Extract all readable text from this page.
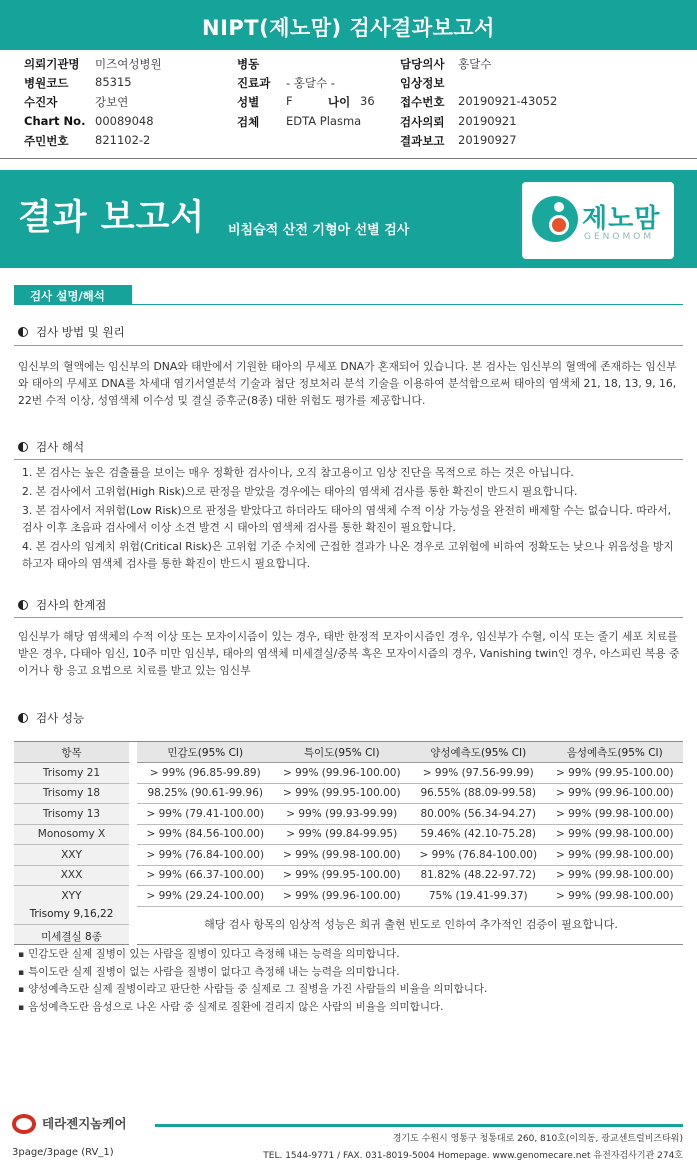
NIPT(제노맘) 검사결과보고서
의뢰기관명 미즈여성병원	병동	담당의사 홍달수
병원코드 85315	진료과 - 홍달수 -	임상정보
수진자	강보연	성별 F	나이 36 접수번호 20190921-43052
Chart No. 00089048	검체 EDTA Plasma	검사의뢰 20190921
주민번호 821102-2	결과보고 20190927
결과 보고서 비침습적 산전 기형아 선별 검사	제노맘
GENOMOM
검사 설명/해석
검사 방법 및 원리
임신부의 혈액에는 임신부의 DNA와 태반에서 기원한 태아의 무세포 DNA가 혼재되어 있습니다. 본 검사는 임신부의 혈액에 존재하는 임신부와 태아의 무세포 DNA를 차세대 염기서열분석 기술과 첨단 정보처리 분석 기술을 이용하여 분석함으로써 태아의 염색체 21, 18, 13, 9, 16, 22번 수적 이상, 성염색체 이수성 및 결실 증후군(8종) 대한 위험도 평가를 제공합니다.
검사 해석
1. 본 검사는 높은 검출률을 보이는 매우 정확한 검사이나, 오직 참고용이고 임상 진단을 목적으로 하는 것은 아닙니다.
2. 본 검사에서 고위험(High Risk)으로 판정을 받았을 경우에는 태아의 염색체 검사를 통한 확진이 반드시 필요합니다.
3. 본 검사에서 저위험(Low Risk)으로 판정을 받았다고 하더라도 태아의 염색체 수적 이상 가능성을 완전히 배제할 수는 없습니다. 따라서, 검사 이후 초음파 검사에서 이상 소견 발견 시 태아의 염색체 검사를 통한 확진이 필요합니다.
4. 본 검사의 임계치 위험(Critical Risk)은 고위험 기준 수치에 근접한 결과가 나온 경우로 고위험에 비하여 정확도는 낮으나 위음성을 방지하고자 태아의 염색체 검사를 통한 확진이 반드시 필요합니다.
검사의 한계점
임신부가 해당 염색체의 수적 이상 또는 모자이시즘이 있는 경우, 태반 한정적 모자이시즘인 경우, 임신부가 수혈, 이식 또는 줄기 세포 치료를 받은 경우, 다태아 임신, 10주 미만 임신부, 태아의 염색체 미세결실/중복 혹은 모자이시즘의 경우, Vanishing twin인 경우, 아스피린 복용 중이거나 항 응고 요법으로 치료를 받고 있는 임신부
검사 성능
항목		민감도(95% CI)	특이도(95% CI)	양성예측도(95% CI)	음성예측도(95% CI)
Trisomy 21		> 99% (96.85-99.89)	> 99% (99.96-100.00)	> 99% (97.56-99.99)	> 99% (99.95-100.00)
Trisomy 18		98.25% (90.61-99.96)	> 99% (99.95-100.00)	96.55% (88.09-99.58)	> 99% (99.96-100.00)
Trisomy 13		> 99% (79.41-100.00)	> 99% (99.93-99.99)	80.00% (56.34-94.27)	> 99% (99.98-100.00)
Monosomy X		> 99% (84.56-100.00)	> 99% (99.84-99.95)	59.46% (42.10-75.28)	> 99% (99.98-100.00)
XXY		> 99% (76.84-100.00)	> 99% (99.98-100.00)	> 99% (76.84-100.00)	> 99% (99.98-100.00)
XXX		> 99% (66.37-100.00)	> 99% (99.95-100.00)	81.82% (48.22-97.72)	> 99% (99.98-100.00)
XYY		> 99% (29.24-100.00)	> 99% (99.96-100.00)	75% (19.41-99.37)	> 99% (99.98-100.00)
Trisomy 9,16,22
미세결실 8종
해당 검사 항목의 임상적 성능은 희귀 출현 빈도로 인하여 추가적인 검증이 필요합니다.
▪ 민감도란 실제 질병이 있는 사람을 질병이 있다고 측정해 내는 능력을 의미합니다.
▪ 특이도란 실제 질병이 없는 사람을 질병이 없다고 측정해 내는 능력을 의미합니다.
▪ 양성예측도란 실제 질병이라고 판단한 사람들 중 실제로 그 질병을 가진 사람들의 비율을 의미합니다.
▪ 음성예측도란 음성으로 나온 사람 중 실제로 질환에 걸리지 않은 사람의 비율을 의미합니다.
테라젠지놈케어
3page/3page (RV_1)
경기도 수원시 영통구 청통대로 260, 810호(이의동, 광교센트럴비즈타워)
TEL. 1544-9771 / FAX. 031-8019-5004 Homepage. www.genomecare.net 유전자검사기관 274호
